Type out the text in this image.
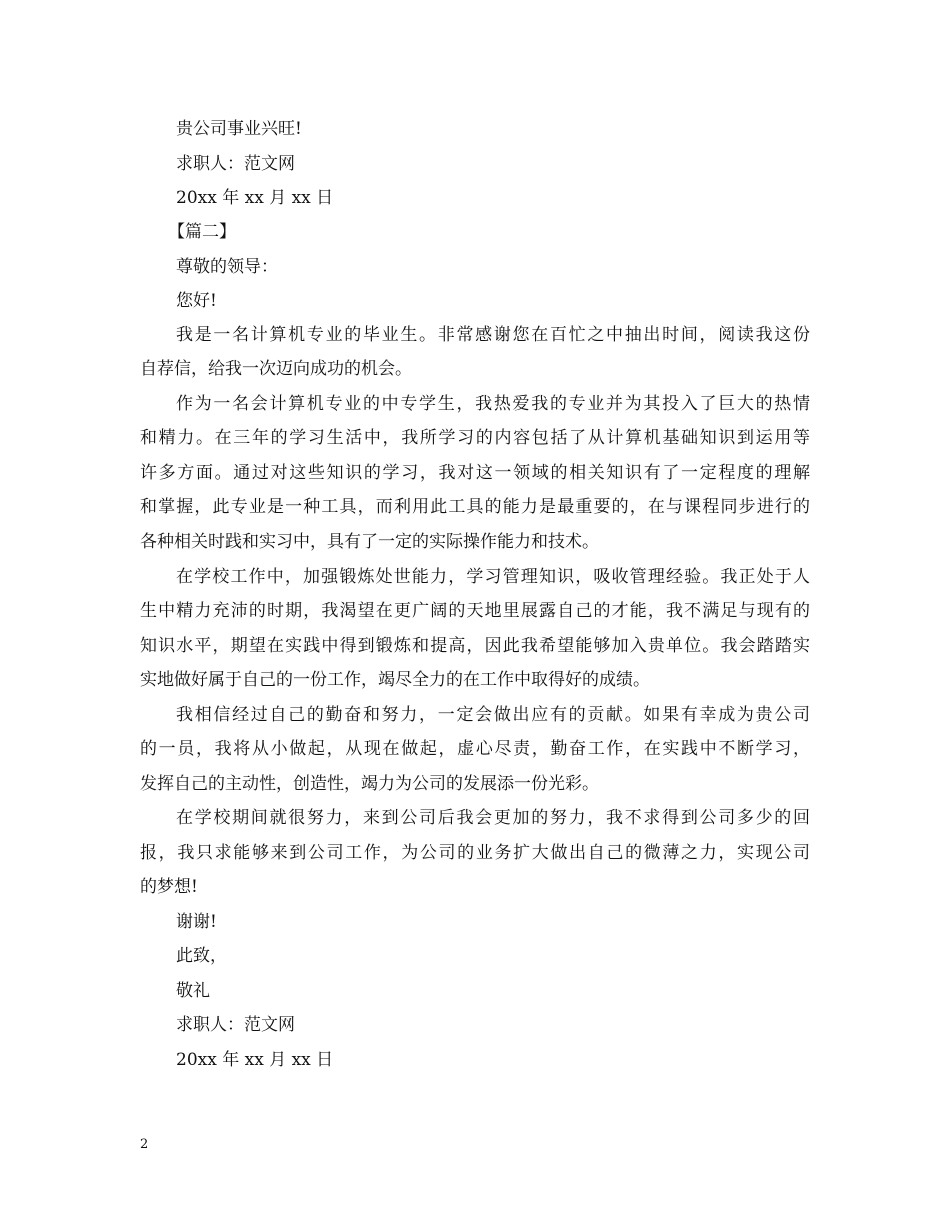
贵公司事业兴旺!
求职人：范文网
20xx 年 xx 月 xx 日
【篇二】
尊敬的领导：
您好!
我是一名计算机专业的毕业生。非常感谢您在百忙之中抽出时间，阅读我这份
自荐信，给我一次迈向成功的机会。
作为一名会计算机专业的中专学生，我热爱我的专业并为其投入了巨大的热情
和精力。在三年的学习生活中，我所学习的内容包括了从计算机基础知识到运用等
许多方面。通过对这些知识的学习，我对这一领域的相关知识有了一定程度的理解
和掌握，此专业是一种工具，而利用此工具的能力是最重要的，在与课程同步进行的
各种相关时践和实习中，具有了一定的实际操作能力和技术。
在学校工作中，加强锻炼处世能力，学习管理知识，吸收管理经验。我正处于人
生中精力充沛的时期，我渴望在更广阔的天地里展露自己的才能，我不满足与现有的
知识水平，期望在实践中得到锻炼和提高，因此我希望能够加入贵单位。我会踏踏实
实地做好属于自己的一份工作，竭尽全力的在工作中取得好的成绩。
我相信经过自己的勤奋和努力，一定会做出应有的贡献。如果有幸成为贵公司
的一员，我将从小做起，从现在做起，虚心尽责，勤奋工作，在实践中不断学习，
发挥自己的主动性，创造性，竭力为公司的发展添一份光彩。
在学校期间就很努力，来到公司后我会更加的努力，我不求得到公司多少的回
报，我只求能够来到公司工作，为公司的业务扩大做出自己的微薄之力，实现公司
的梦想!
谢谢!
此致，
敬礼
求职人：范文网
20xx 年 xx 月 xx 日
2
